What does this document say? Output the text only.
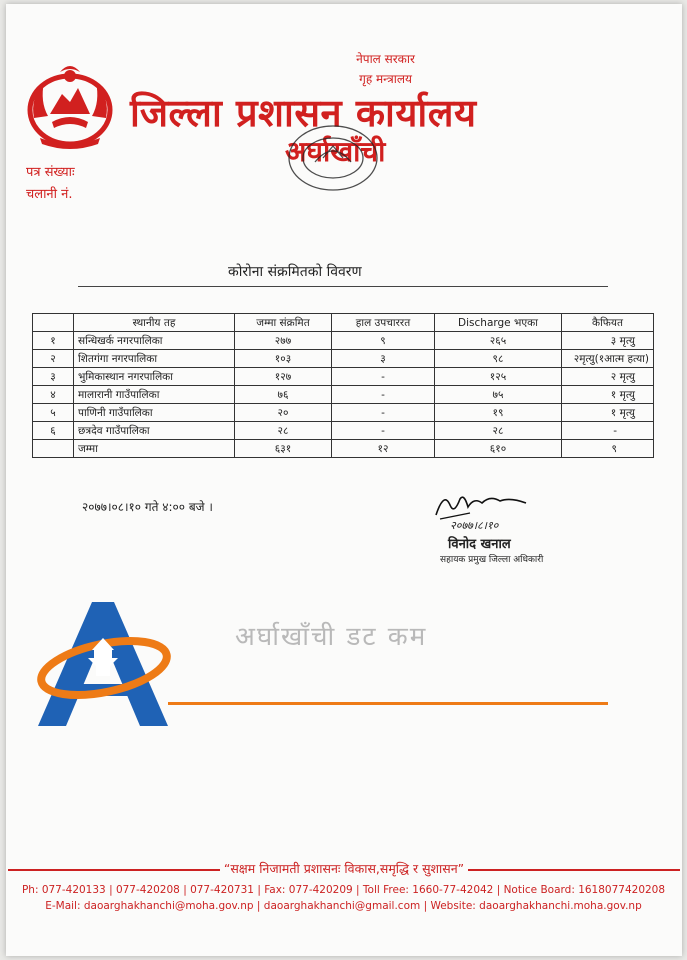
नेपाल सरकार
गृह मन्त्रालय
जिल्ला प्रशासन कार्यालय
अर्घाखाँची
पत्र संख्याः
चलानी नं.
कोरोना संक्रमितको विवरण
	स्थानीय तह	जम्मा संक्रमित	हाल उपचाररत	Discharge भएका	कैफियत
१	सन्धिखर्क नगरपालिका	२७७	९	२६५	३ मृत्यु
२	शितगंगा नगरपालिका	१०३	३	९८	२मृत्यु(१आत्म हत्या)
३	भुमिकास्थान नगरपालिका	१२७	-	१२५	२ मृत्यु
४	मालारानी गाउँपालिका	७६	-	७५	१ मृत्यु
५	पाणिनी गाउँपालिका	२०	-	१९	१ मृत्यु
६	छत्रदेव गाउँपालिका	२८	-	२८	-
	जम्मा	६३१	१२	६१०	९
२०७७।०८।१० गते ४:०० बजे ।
२०७७।८।१०
विनोद खनाल
सहायक प्रमुख जिल्ला अधिकारी
अर्घाखाँची डट कम
“सक्षम निजामती प्रशासनः विकास,समृद्धि र सुशासन”
Ph: 077-420133 | 077-420208 | 077-420731 | Fax: 077-420209 | Toll Free: 1660-77-42042 | Notice Board: 1618077420208
E-Mail: daoarghakhanchi@moha.gov.np | daoarghakhanchi@gmail.com | Website: daoarghakhanchi.moha.gov.np
